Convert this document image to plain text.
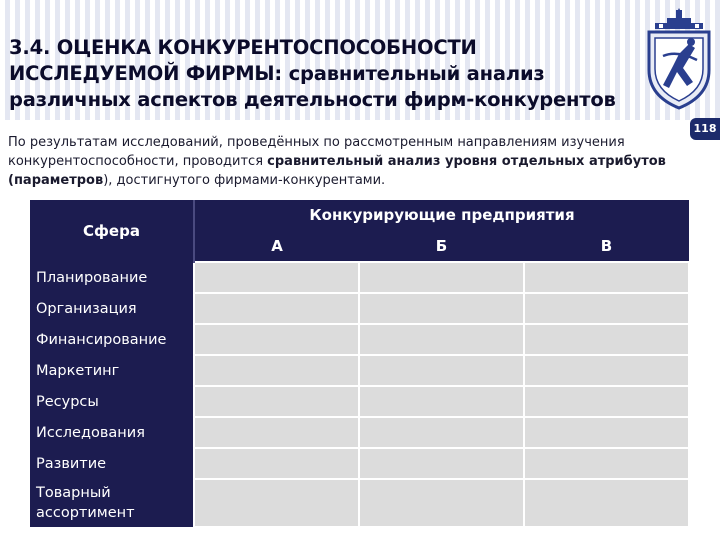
3.4. ОЦЕНКА КОНКУРЕНТОСПОСОБНОСТИ
ИССЛЕДУЕМОЙ ФИРМЫ: сравнительный анализ
различных аспектов деятельности фирм-конкурентов
118

По результатам исследований, проведённых по рассмотренным направлениям изучения конкурентоспособности, проводится сравнительный анализ уровня отдельных атрибутов (параметров), достигнутого фирмами-конкурентами.

Сфера	Конкурирующие предприятия		
	А	Б	В
Планирование			
Организация			
Финансирование			
Маркетинг			
Ресурсы			
Исследования			
Развитие			
Товарный ассортимент			
